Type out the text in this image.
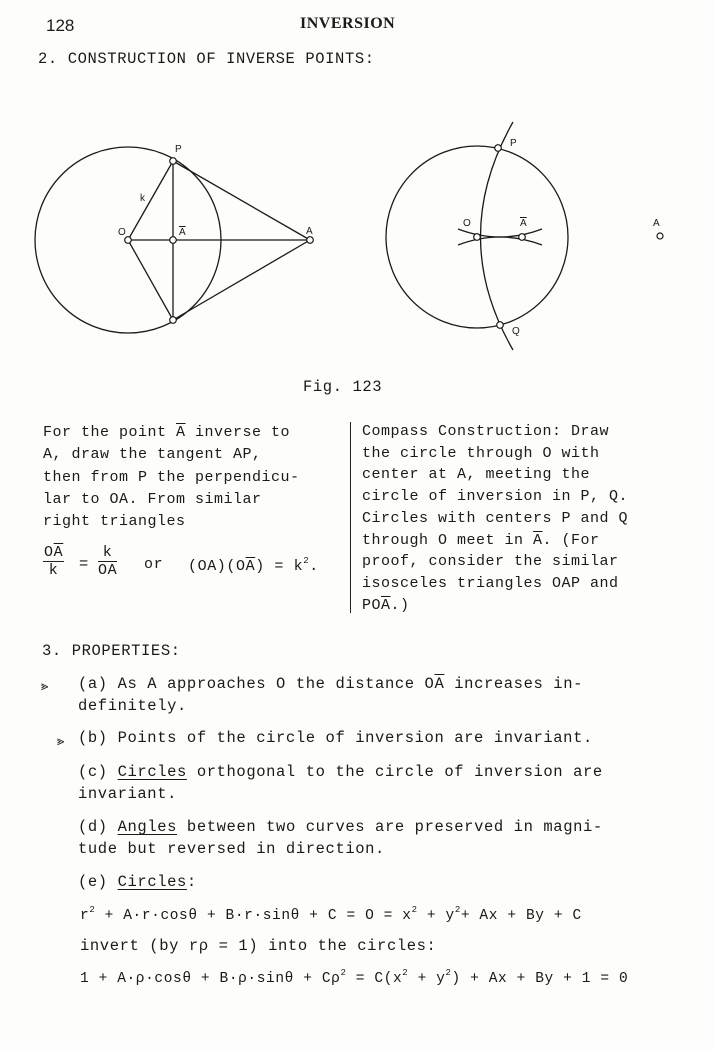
128	INVERSION
2. CONSTRUCTION OF INVERSE POINTS:
P
k
O	A	A
P
O	A	A
Q
Fig. 123
For the point $\overline{A}$ inverse to
A, draw the tangent AP,
then from P the perpendicu-
lar to OA. From similar
right triangles
$\frac{O\overline{A}}{k} = \frac{k}{OA}$ or $(OA)(O\overline{A}) = k^2$.
Compass Construction: Draw
the circle through O with
center at A, meeting the
circle of inversion in P, Q.
Circles with centers P and Q
through O meet in $\overline{A}$. (For
proof, consider the similar
isosceles triangles OAP and
$PO\overline{A}$.)
3. PROPERTIES:
⪢ (a) As A approaches O the distance $O\overline{A}$ increases in-
definitely.
⪢ (b) Points of the circle of inversion are invariant.
(c) Circles orthogonal to the circle of inversion are
invariant.
(d) Angles between two curves are preserved in magni-
tude but reversed in direction.
(e) Circles:
$r^2 + A\cdot r\cdot\cos\theta + B\cdot r\cdot\sin\theta + C = O = x^2 + y^2+ Ax + By + C$
invert (by rρ = 1) into the circles:
$1 + A\cdot\rho\cdot\cos\theta + B\cdot\rho\cdot\sin\theta + C\rho^2 = C(x^2 + y^2) + Ax + By + 1 = 0$
